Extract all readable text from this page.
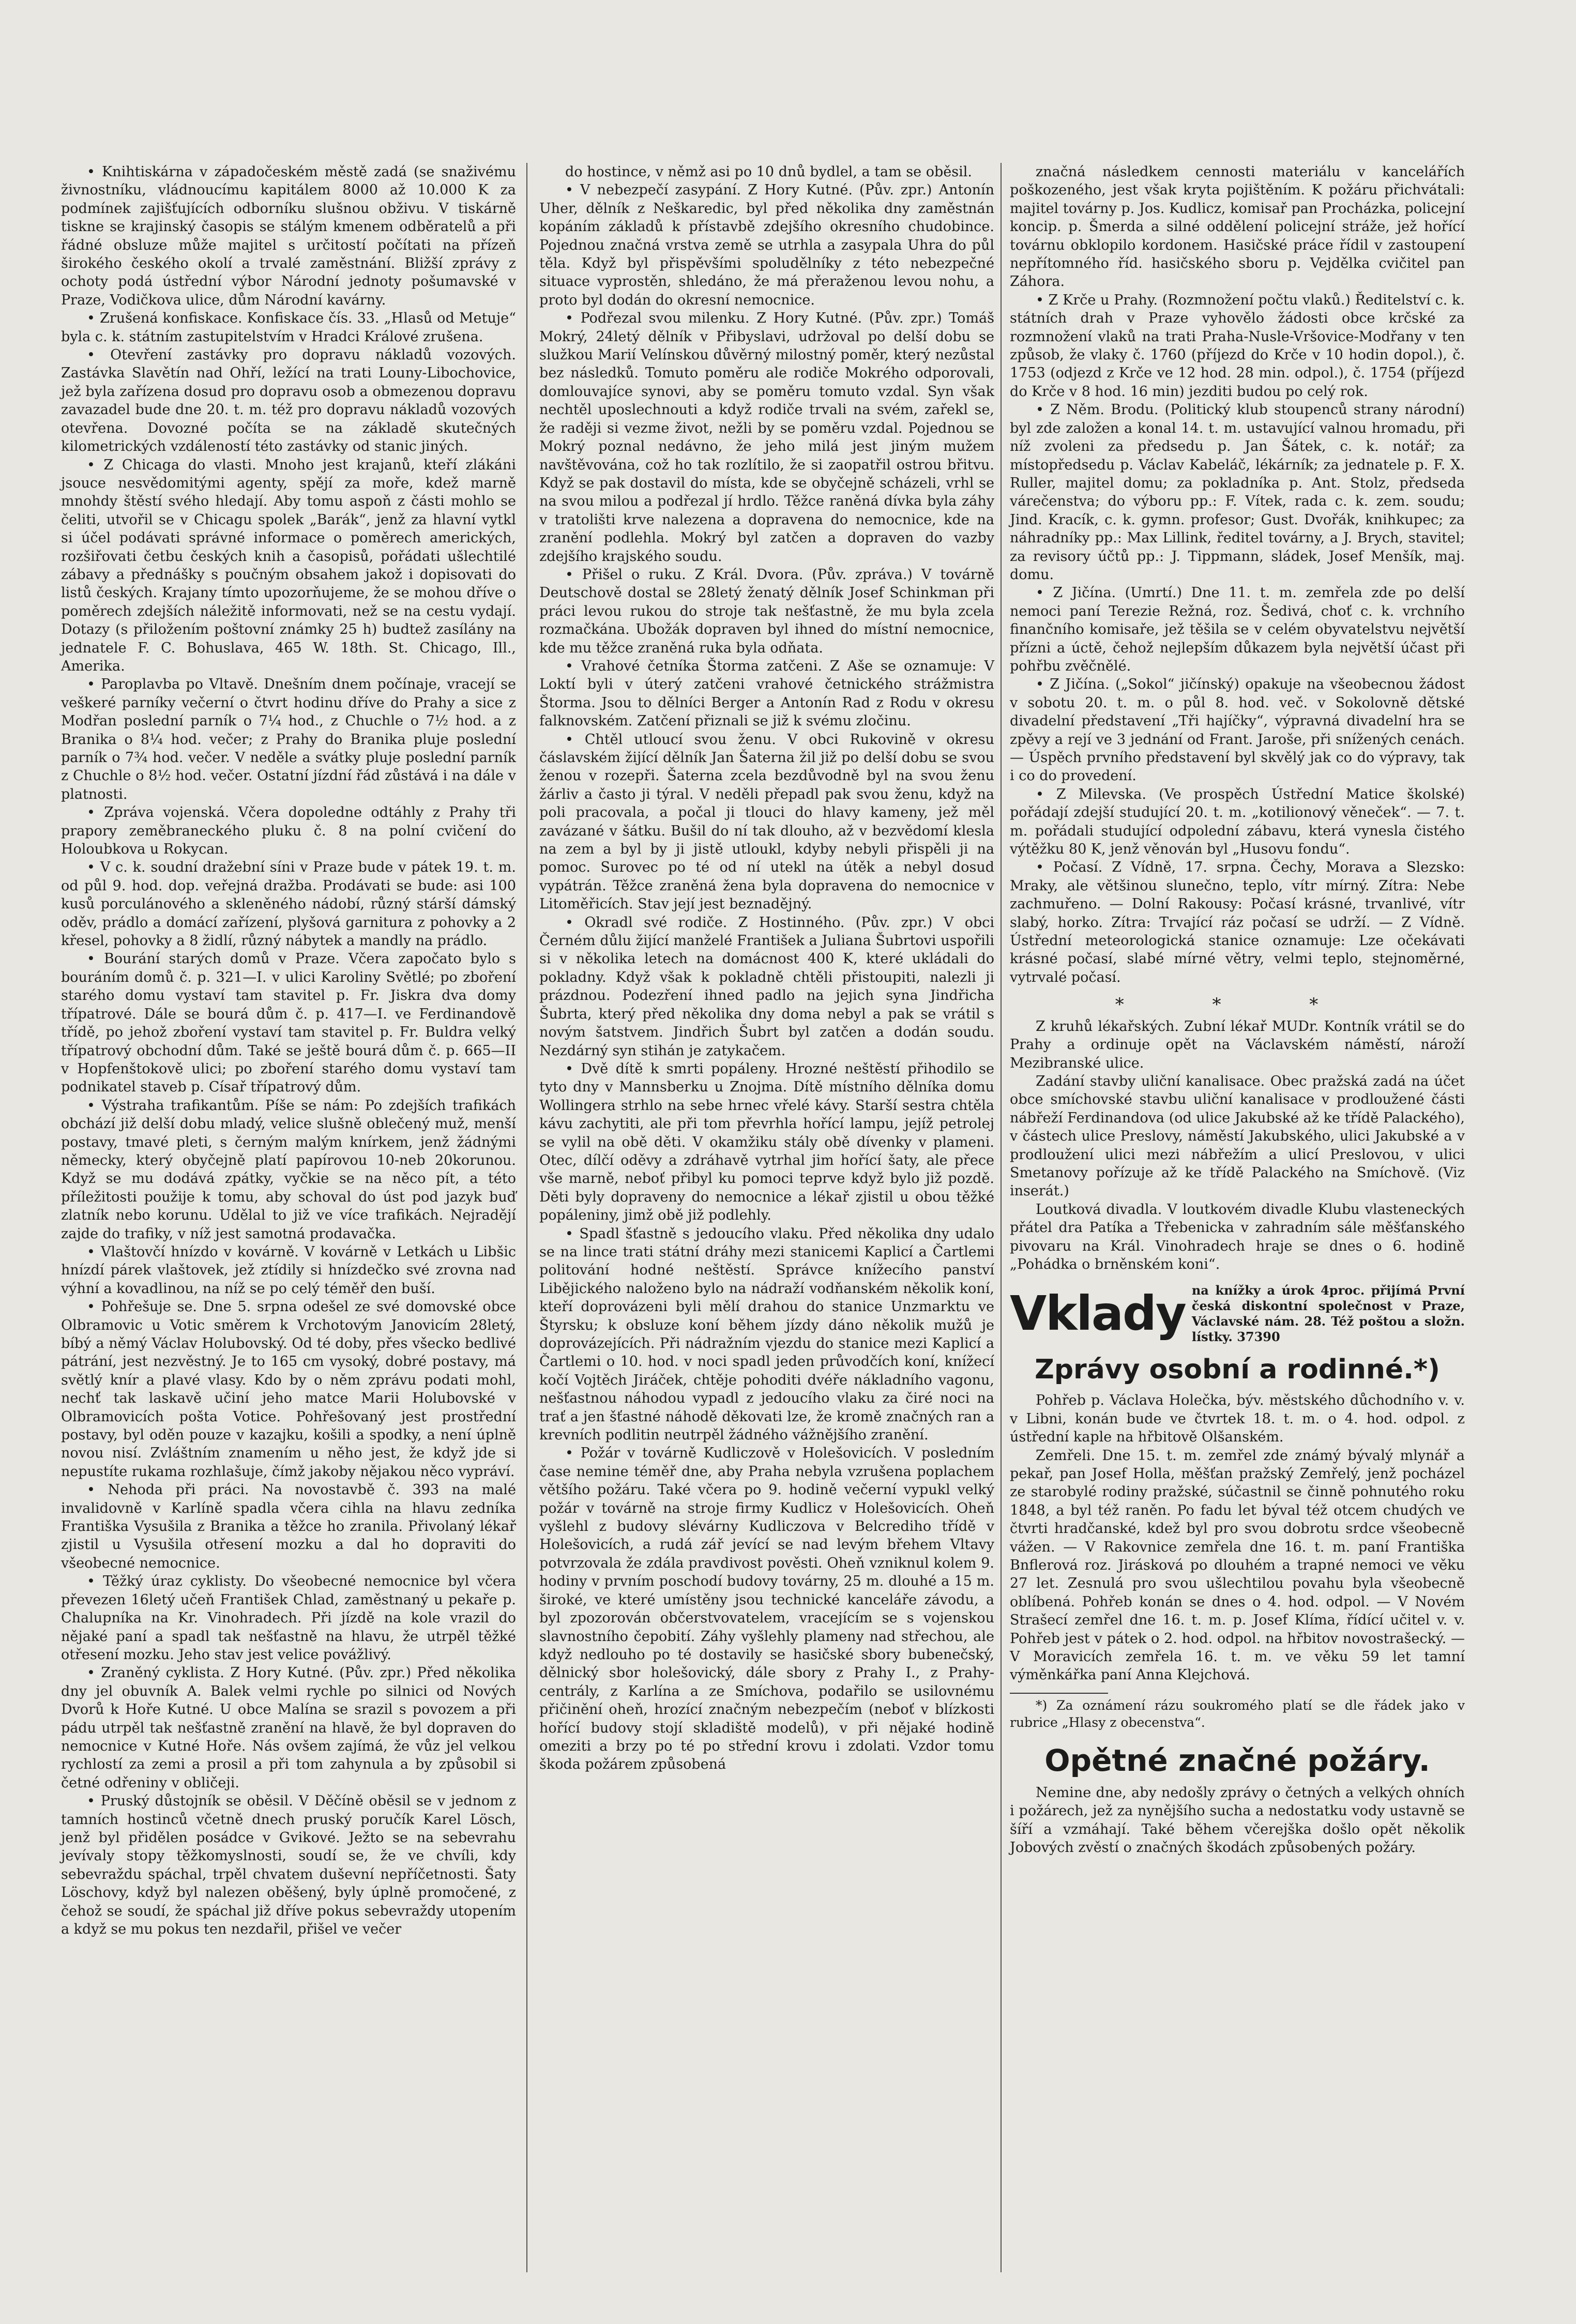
• Knihtiskárna v západočeském městě zadá (se snaživému živnostníku, vládnoucímu kapitálem 8000 až 10.000 K za podmínek zajišťujících odborníku slušnou obživu. V tiskárně tiskne se krajinský časopis se stálým kmenem odběratelů a při řádné obsluze může majitel s určitostí počítati na přízeň širokého českého okolí a trvalé zaměstnání. Bližší zprávy z ochoty podá ústřední výbor Národní jednoty pošumavské v Praze, Vodičkova ulice, dům Národní kavárny.

• Zrušená konfiskace. Konfiskace čís. 33. „Hlasů od Metuje“ byla c. k. státním zastupitelstvím v Hradci Králové zrušena.

• Otevření zastávky pro dopravu nákladů vozových. Zastávka Slavětín nad Ohří, ležící na trati Louny-Libochovice, jež byla zařízena dosud pro dopravu osob a obmezenou dopravu zavazadel bude dne 20. t. m. též pro dopravu nákladů vozových otevřena. Dovozné počíta se na základě skutečných kilometrických vzdáleností této zastávky od stanic jiných.

• Z Chicaga do vlasti. Mnoho jest krajanů, kteří zlákáni jsouce nesvědomitými agenty, spějí za moře, kdež marně mnohdy štěstí svého hledají. Aby tomu aspoň z části mohlo se čeliti, utvořil se v Chicagu spolek „Barák“, jenž za hlavní vytkl si účel podávati správné informace o poměrech amerických, rozšiřovati četbu českých knih a časopisů, pořádati ušlechtilé zábavy a přednášky s poučným obsahem jakož i dopisovati do listů českých. Krajany tímto upozorňujeme, že se mohou dříve o poměrech zdejších náležitě informovati, než se na cestu vydají. Dotazy (s přiložením poštovní známky 25 h) budtež zasílány na jednatele F. C. Bohuslava, 465 W. 18th. St. Chicago, Ill., Amerika.

• Paroplavba po Vltavě. Dnešním dnem počínaje, vracejí se veškeré parníky večerní o čtvrt hodinu dříve do Prahy a sice z Modřan poslední parník o 7¼ hod., z Chuchle o 7½ hod. a z Branika o 8¼ hod. večer; z Prahy do Branika pluje poslední parník o 7¾ hod. večer. V neděle a svátky pluje poslední parník z Chuchle o 8½ hod. večer. Ostatní jízdní řád zůstává i na dále v platnosti.

• Zpráva vojenská. Včera dopoledne odtáhly z Prahy tři prapory zeměbraneckého pluku č. 8 na polní cvičení do Holoubkova u Rokycan.

• V c. k. soudní dražební síni v Praze bude v pátek 19. t. m. od půl 9. hod. dop. veřejná dražba. Prodávati se bude: asi 100 kusů porculánového a skleněného nádobí, různý stárší dámský oděv, prádlo a domácí zařízení, plyšová garnitura z pohovky a 2 křesel, pohovky a 8 židlí, různý nábytek a mandly na prádlo.

• Bourání starých domů v Praze. Včera započato bylo s bouráním domů č. p. 321—I. v ulici Karoliny Světlé; po zboření starého domu vystaví tam stavitel p. Fr. Jiskra dva domy třípatrové. Dále se bourá dům č. p. 417—I. ve Ferdinandově třídě, po jehož zboření vystaví tam stavitel p. Fr. Buldra velký třípatrový obchodní dům. Také se ještě bourá dům č. p. 665—II v Hopfenštokově ulici; po zboření starého domu vystaví tam podnikatel staveb p. Císař třípatrový dům.

• Výstraha trafikantům. Píše se nám: Po zdejších trafikách obchází již delší dobu mladý, velice slušně oblečený muž, menší postavy, tmavé pleti, s černým malým knírkem, jenž žádnými německy, který obyčejně platí papírovou 10-neb 20korunou. Když se mu dodává zpátky, vyčkie se na něco pít, a této příležitosti použije k tomu, aby schoval do úst pod jazyk buď zlatník nebo korunu. Udělal to již ve více trafikách. Nejradějí zajde do trafiky, v níž jest samotná prodavačka.

• Vlaštovčí hnízdo v kovárně. V kovárně v Letkách u Libšic hnízdí párek vlaštovek, jež ztídily si hnízdečko své zrovna nad výhní a kovadlinou, na níž se po celý téměř den buší.

• Pohřešuje se. Dne 5. srpna odešel ze své domovské obce Olbramovic u Votic směrem k Vrchotovým Janovicím 28letý, bíbý a němý Václav Holubovský. Od té doby, přes všecko bedlivé pátrání, jest nezvěstný. Je to 165 cm vysoký, dobré postavy, má světlý knír a plavé vlasy. Kdo by o něm zprávu podati mohl, nechť tak laskavě učiní jeho matce Marii Holubovské v Olbramovicích pošta Votice. Pohřešovaný jest prostřední postavy, byl oděn pouze v kazajku, košili a spodky, a není úplně novou nisí. Zvláštním znamením u něho jest, že když jde si nepustíte rukama rozhlašuje, čímž jakoby nějakou něco vypráví.

• Nehoda při práci. Na novostavbě č. 393 na malé invalidovně v Karlíně spadla včera cihla na hlavu zedníka Františka Vysušila z Branika a těžce ho zranila. Přivolaný lékař zjistil u Vysušila otřesení mozku a dal ho dopraviti do všeobecné nemocnice.

• Těžký úraz cyklisty. Do všeobecné nemocnice byl včera převezen 16letý učeň František Chlad, zaměstnaný u pekaře p. Chalupníka na Kr. Vinohradech. Při jízdě na kole vrazil do nějaké paní a spadl tak nešťastně na hlavu, že utrpěl těžké otřesení mozku. Jeho stav jest velice povážlivý.

• Zraněný cyklista. Z Hory Kutné. (Pův. zpr.) Před několika dny jel obuvník A. Balek velmi rychle po silnici od Nových Dvorů k Hoře Kutné. U obce Malína se srazil s povozem a při pádu utrpěl tak nešťastně zranění na hlavě, že byl dopraven do nemocnice v Kutné Hoře. Nás ovšem zajímá, že vůz jel velkou rychlostí za zemi a prosil a při tom zahynula a by způsobil si četné odřeniny v obličeji.

• Pruský důstojník se oběsil. V Děčíně oběsil se v jednom z tamních hostinců včetně dnech pruský poručík Karel Lösch, jenž byl přidělen posádce v Gvikové. Ježto se na sebevrahu jevívaly stopy těžkomyslnosti, soudí se, že ve chvíli, kdy sebevraždu spáchal, trpěl chvatem duševní nepříčetnosti. Šaty Löschovy, když byl nalezen oběšený, byly úplně promočené, z čehož se soudí, že spáchal již dříve pokus sebevraždy utopením a když se mu pokus ten nezdařil, přišel ve večer

do hostince, v němž asi po 10 dnů bydlel, a tam se oběsil.

• V nebezpečí zasypání. Z Hory Kutné. (Pův. zpr.) Antonín Uher, dělník z Neškaredic, byl před několika dny zaměstnán kopáním základů k přístavbě zdejšího okresního chudobince. Pojednou značná vrstva země se utrhla a zasypala Uhra do půl těla. Když byl přispěvšími spoludělníky z této nebezpečné situace vyprostěn, shledáno, že má přeraženou levou nohu, a proto byl dodán do okresní nemocnice.

• Podřezal svou milenku. Z Hory Kutné. (Pův. zpr.) Tomáš Mokrý, 24letý dělník v Přibyslavi, udržoval po delší dobu se služkou Marií Velínskou důvěrný milostný poměr, který nezůstal bez následků. Tomuto poměru ale rodiče Mokrého odporovali, domlouvajíce synovi, aby se poměru tomuto vzdal. Syn však nechtěl uposlechnouti a když rodiče trvali na svém, zařekl se, že raději si vezme život, nežli by se poměru vzdal. Pojednou se Mokrý poznal nedávno, že jeho milá jest jiným mužem navštěvována, což ho tak rozlítilo, že si zaopatřil ostrou břitvu. Když se pak dostavil do místa, kde se obyčejně scházeli, vrhl se na svou milou a podřezal jí hrdlo. Těžce raněná dívka byla záhy v tratolišti krve nalezena a dopravena do nemocnice, kde na zranění podlehla. Mokrý byl zatčen a dopraven do vazby zdejšího krajského soudu.

• Přišel o ruku. Z Král. Dvora. (Pův. zpráva.) V továrně Deutschově dostal se 28letý ženatý dělník Josef Schinkman při práci levou rukou do stroje tak nešťastně, že mu byla zcela rozmačkána. Ubožák dopraven byl ihned do místní nemocnice, kde mu těžce zraněná ruka byla odňata.

• Vrahové četníka Štorma zatčeni. Z Aše se oznamuje: V Loktí byli v úterý zatčeni vrahové četnického strážmistra Štorma. Jsou to dělníci Berger a Antonín Rad z Rodu v okresu falknovském. Zatčení přiznali se již k svému zločinu.

• Chtěl utloucí svou ženu. V obci Rukovině v okresu čáslavském žijící dělník Jan Šaterna žil již po delší dobu se svou ženou v rozepři. Šaterna zcela bezdůvodně byl na svou ženu žárliv a často ji týral. V neděli přepadl pak svou ženu, když na poli pracovala, a počal ji tlouci do hlavy kameny, jež měl zavázané v šátku. Bušil do ní tak dlouho, až v bezvědomí klesla na zem a byl by ji jistě utloukl, kdyby nebyli přispěli ji na pomoc. Surovec po té od ní utekl na útěk a nebyl dosud vypátrán. Těžce zraněná žena byla dopravena do nemocnice v Litoměřicích. Stav její jest beznadějný.

• Okradl své rodiče. Z Hostinného. (Pův. zpr.) V obci Černém důlu žijící manželé František a Juliana Šubrtovi uspořili si v několika letech na domácnost 400 K, které ukládali do pokladny. Když však k pokladně chtěli přistoupiti, nalezli ji prázdnou. Podezření ihned padlo na jejich syna Jindřicha Šubrta, který před několika dny doma nebyl a pak se vrátil s novým šatstvem. Jindřich Šubrt byl zatčen a dodán soudu. Nezdárný syn stihán je zatykačem.

• Dvě dítě k smrti popáleny. Hrozné neštěstí přihodilo se tyto dny v Mannsberku u Znojma. Dítě místního dělníka domu Wollingera strhlo na sebe hrnec vřelé kávy. Starší sestra chtěla kávu zachytiti, ale při tom převrhla hořící lampu, jejíž petrolej se vylil na obě děti. V okamžiku stály obě dívenky v plameni. Otec, dílčí oděvy a zdráhavě vytrhal jim hořící šaty, ale přece vše marně, neboť přibyl ku pomoci teprve když bylo již pozdě. Děti byly dopraveny do nemocnice a lékař zjistil u obou těžké popáleniny, jimž obě již podlehly.

• Spadl šťastně s jedoucího vlaku. Před několika dny udalo se na lince trati státní dráhy mezi stanicemi Kaplicí a Čartlemi politování hodné neštěstí. Správce knížecího panství Libějického naloženo bylo na nádraží vodňanském několik koní, kteří doprovázeni byli mělí drahou do stanice Unzmarktu ve Štyrsku; k obsluze koní během jízdy dáno několik mužů je doprovázejících. Při nádražním vjezdu do stanice mezi Kaplicí a Čartlemi o 10. hod. v noci spadl jeden průvodčích koní, knížecí kočí Vojtěch Jiráček, chtěje pohoditi dvéře nákladního vagonu, nešťastnou náhodou vypadl z jedoucího vlaku za čiré noci na trať a jen šťastné náhodě děkovati lze, že kromě značných ran a krevních podlitin neutrpěl žádného vážnějšího zranění.

• Požár v továrně Kudliczově v Holešovicích. V posledním čase nemine téměř dne, aby Praha nebyla vzrušena poplachem většího požáru. Také včera po 9. hodině večerní vypukl velký požár v továrně na stroje firmy Kudlicz v Holešovicích. Oheň vyšlehl z budovy slévárny Kudliczova v Belcrediho třídě v Holešovicích, a rudá zář jevící se nad levým břehem Vltavy potvrzovala že zdála pravdivost pověsti. Oheň vzniknul kolem 9. hodiny v prvním poschodí budovy továrny, 25 m. dlouhé a 15 m. široké, ve které umístěny jsou technické kanceláře závodu, a byl zpozorován občerstvovatelem, vracejícím se s vojenskou slavnostního čepobití. Záhy vyšlehly plameny nad střechou, ale když nedlouho po té dostavily se hasičské sbory bubenečský, dělnický sbor holešovický, dále sbory z Prahy I., z Prahy-centrály, z Karlína a ze Smíchova, podařilo se usilovnému přičinění oheň, hrozící značným nebezpečím (neboť v blízkosti hořící budovy stojí skladiště modelů), v při nějaké hodině omeziti a brzy po té po střední krovu i zdolati. Vzdor tomu škoda požárem způsobená

značná následkem cennosti materiálu v kancelářích poškozeného, jest však kryta pojištěním. K požáru přichvátali: majitel továrny p. Jos. Kudlicz, komisař pan Procházka, policejní koncip. p. Šmerda a silné oddělení policejní stráže, jež hořící továrnu obklopilo kordonem. Hasičské práce řídil v zastoupení nepřítomného říd. hasičského sboru p. Vejdělka cvičitel pan Záhora.

• Z Krče u Prahy. (Rozmnožení počtu vlaků.) Ředitelství c. k. státních drah v Praze vyhovělo žádosti obce krčské za rozmnožení vlaků na trati Praha-Nusle-Vršovice-Modřany v ten způsob, že vlaky č. 1760 (příjezd do Krče v 10 hodin dopol.), č. 1753 (odjezd z Krče ve 12 hod. 28 min. odpol.), č. 1754 (příjezd do Krče v 8 hod. 16 min) jezditi budou po celý rok.

• Z Něm. Brodu. (Politický klub stoupenců strany národní) byl zde založen a konal 14. t. m. ustavující valnou hromadu, při níž zvoleni za předsedu p. Jan Šátek, c. k. notář; za místopředsedu p. Václav Kabeláč, lékárník; za jednatele p. F. X. Ruller, majitel domu; za pokladníka p. Ant. Stolz, předseda várečenstva; do výboru pp.: F. Vítek, rada c. k. zem. soudu; Jind. Kracík, c. k. gymn. profesor; Gust. Dvořák, knihkupec; za náhradníky pp.: Max Lillink, ředitel továrny, a J. Brych, stavitel; za revisory účtů pp.: J. Tippmann, sládek, Josef Menšík, maj. domu.

• Z Jičína. (Umrtí.) Dne 11. t. m. zemřela zde po delší nemoci paní Terezie Režná, roz. Šedivá, choť c. k. vrchního finančního komisaře, jež těšila se v celém obyvatelstvu největší přízni a úctě, čehož nejlepším důkazem byla největší účast při pohřbu zvěčnělé.

• Z Jičína. („Sokol“ jičínský) opakuje na všeobecnou žádost v sobotu 20. t. m. o půl 8. hod. več. v Sokolovně dětské divadelní představení „Tři hajíčky“, výpravná divadelní hra se zpěvy a rejí ve 3 jednání od Frant. Jaroše, při snížených cenách. — Úspěch prvního představení byl skvělý jak co do výpravy, tak i co do provedení.

• Z Milevska. (Ve prospěch Ústřední Matice školské) pořádají zdejší studující 20. t. m. „kotilionový věneček“. — 7. t. m. pořádali studující odpolední zábavu, která vynesla čistého výtěžku 80 K, jenž věnován byl „Husovu fondu“.

• Počasí. Z Vídně, 17. srpna. Čechy, Morava a Slezsko: Mraky, ale většinou slunečno, teplo, vítr mírný. Zítra: Nebe zachmuřeno. — Dolní Rakousy: Počasí krásné, trvanlivé, vítr slabý, horko. Zítra: Trvající ráz počasí se udrží. — Z Vídně. Ústřední meteorologická stanice oznamuje: Lze očekávati krásné počasí, slabé mírné větry, velmi teplo, stejnoměrné, vytrvalé počasí.

* * *

Z kruhů lékařských. Zubní lékař MUDr. Kontník vrátil se do Prahy a ordinuje opět na Václavském náměstí, nároží Mezibranské ulice.

Zadání stavby uliční kanalisace. Obec pražská zadá na účet obce smíchovské stavbu uliční kanalisace v prodloužené části nábřeží Ferdinandova (od ulice Jakubské až ke třídě Palackého), v částech ulice Preslovy, náměstí Jakubského, ulici Jakubské a v prodloužení ulici mezi nábřežím a ulicí Preslovou, v ulici Smetanovy pořízuje až ke třídě Palackého na Smíchově. (Viz inserát.)

Loutková divadla. V loutkovém divadle Klubu vlasteneckých přátel dra Patíka a Třebenicka v zahradním sále měšťanského pivovaru na Král. Vinohradech hraje se dnes o 6. hodině „Pohádka o brněnském koni“.

Vklady na knížky a úrok 4proc. přijímá První česká diskontní společnost v Praze, Václavské nám. 28. Též poštou a složn. lístky. 37390
Zprávy osobní a rodinné.*)

Pohřeb p. Václava Holečka, býv. městského důchodního v. v. v Libni, konán bude ve čtvrtek 18. t. m. o 4. hod. odpol. z ústřední kaple na hřbitově Olšanském.

Zemřeli. Dne 15. t. m. zemřel zde známý bývalý mlynář a pekař, pan Josef Holla, měšťan pražský Zemřelý, jenž pocházel ze starobylé rodiny pražské, súčastnil se činně pohnutého roku 1848, a byl též raněn. Po fadu let býval též otcem chudých ve čtvrti hradčanské, kdež byl pro svou dobrotu srdce všeobecně vážen. — V Rakovnice zemřela dne 16. t. m. paní Františka Bnflerová roz. Jirásková po dlouhém a trapné nemoci ve věku 27 let. Zesnulá pro svou ušlechtilou povahu byla všeobecně oblíbená. Pohřeb konán se dnes o 4. hod. odpol. — V Novém Strašecí zemřel dne 16. t. m. p. Josef Klíma, řídící učitel v. v. Pohřeb jest v pátek o 2. hod. odpol. na hřbitov novostrašecký. — V Moravicích zemřela 16. t. m. ve věku 59 let tamní výměnkářka paní Anna Klejchová.

*) Za oznámení rázu soukromého platí se dle řádek jako v rubrice „Hlasy z obecenstva“.

Opětné značné požáry.

Nemine dne, aby nedošly zprávy o četných a velkých ohních i požárech, jež za nynějšího sucha a nedostatku vody ustavně se šíří a vzmáhají. Také během včerejška došlo opět několik Jobových zvěstí o značných škodách způsobených požáry.
